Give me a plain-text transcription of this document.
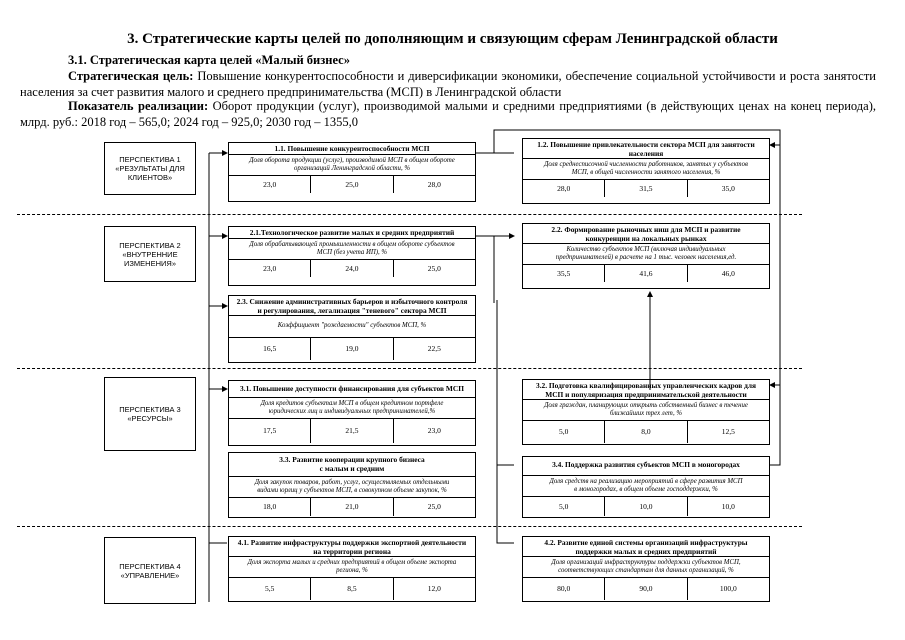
3. Стратегические карты целей по дополняющим и связующим сферам Ленинградской области
3.1. Стратегическая карта целей «Малый бизнес»
Стратегическая цель: Повышение конкурентоспособности и диверсификации экономики, обеспечение социальной устойчивости и роста занятости населения за счет развития малого и среднего предпринимательства (МСП) в Ленинградской области
Показатель реализации: Оборот продукции (услуг), производимой малыми и средними предприятиями (в действующих ценах на конец периода), млрд. руб.: 2018 год – 565,0; 2024 год – 925,0; 2030 год – 1355,0
ПЕРСПЕКТИВА 1
«РЕЗУЛЬТАТЫ ДЛЯ
КЛИЕНТОВ»
ПЕРСПЕКТИВА 2
«ВНУТРЕННИЕ
ИЗМЕНЕНИЯ»
ПЕРСПЕКТИВА 3
«РЕСУРСЫ»
ПЕРСПЕКТИВА 4
«УПРАВЛЕНИЕ»
1.1. Повышение конкурентоспособности МСП
Доля оборота продукции (услуг), производимой МСП в общем обороте
организаций Ленинградской области, %
23,0	25,0	28,0
1.2. Повышение привлекательности сектора МСП для занятости
населения
Доля среднесписочной численности работников, занятых у субъектов
МСП, в общей численности занятого населения, %
28,0	31,5	35,0
2.1.Технологическое развитие малых и средних предприятий
Доля обрабатывающей промышленности в общем обороте субъектов
МСП (без учета ИП), %
23,0	24,0	25,0
2.2. Формирование рыночных ниш для МСП и развитие
конкуренции на локальных рынках
Количество субъектов МСП (включая индивидуальных
предпринимателей) в расчете на 1 тыс. человек населения,ед.
35,5	41,6	46,0
2.3. Снижение административных барьеров и избыточного контроля
и регулирования, легализация "теневого" сектора МСП
Коэффициент "рождаемости" субъектов МСП, %
16,5	19,0	22,5
3.1. Повышение доступности финансирования для субъектов МСП
Доля кредитов субъектам МСП в общем кредитном портфеле
юридических лиц и индивидуальных предпринимателей,%
17,5	21,5	23,0
3.2. Подготовка квалифицированных управленческих кадров для
МСП и популяризация предпринимательской деятельности
Доля граждан, планирующих открыть собственный бизнес в течение
ближайших трех лет, %
5,0	8,0	12,5
3.3. Развитие кооперации крупного бизнеса
с малым и средним
Доля закупок товаров, работ, услуг, осуществляемых отдельными
видами юрлиц у субъектов МСП, в совокупном объеме закупок, %
18,0	21,0	25,0
3.4. Поддержка развития субъектов МСП в моногородах
Доля средств на реализацию мероприятий в сфере развития МСП
в моногородах, в общем объеме господдержки, %
5,0	10,0	10,0
4.1. Развитие инфраструктуры поддержки экспортной деятельности
на территории региона
Доля экспорта малых и средних предприятий в общем объеме экспорта
региона, %
5,5	8,5	12,0
4.2. Развитие единой системы организаций инфраструктуры
поддержки малых и средних предприятий
Доля организаций инфраструктуры поддержки субъектов МСП,
соответствующих стандартам для данных организаций, %
80,0	90,0	100,0
